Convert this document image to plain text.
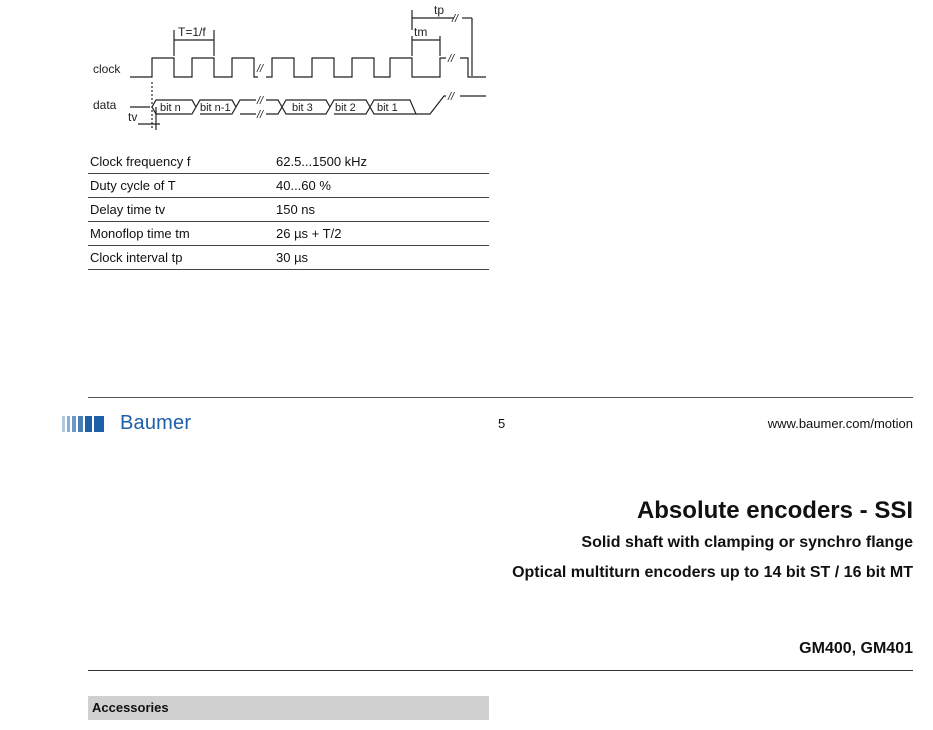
//
//
//
//
//
//
clock
data
T=1/f
tp
tm
tv
bit n bit n-1	bit 3 bit 2 bit 1
Clock frequency f	62.5...1500 kHz
Duty cycle of T	40...60 %
Delay time tv	150 ns
Monoflop time tm	26 µs + T/2
Clock interval tp	30 µs
Baumer	5	www.baumer.com/motion
Absolute encoders - SSI
Solid shaft with clamping or synchro flange
Optical multiturn encoders up to 14 bit ST / 16 bit MT
GM400, GM401
Accessories
